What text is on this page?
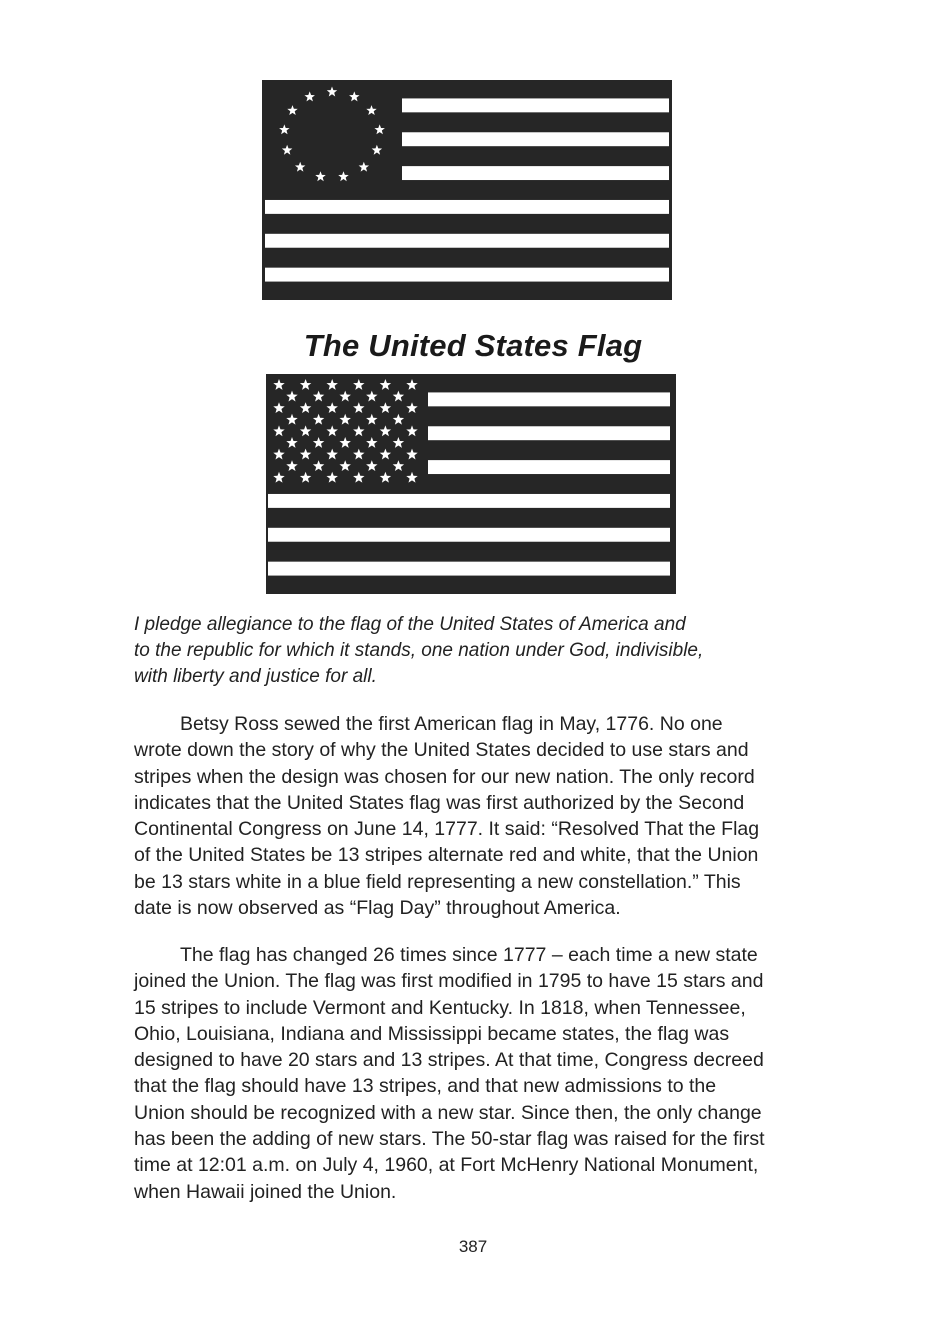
The United States Flag

I pledge allegiance to the flag of the United States of America and
to the republic for which it stands, one nation under God, indivisible,
with liberty and justice for all.

Betsy Ross sewed the first American flag in May, 1776. No one
wrote down the story of why the United States decided to use stars and
stripes when the design was chosen for our new nation. The only record
indicates that the United States flag was first authorized by the Second
Continental Congress on June 14, 1777. It said: “Resolved That the Flag
of the United States be 13 stripes alternate red and white, that the Union
be 13 stars white in a blue field representing a new constellation.” This
date is now observed as “Flag Day” throughout America.

The flag has changed 26 times since 1777 – each time a new state
joined the Union. The flag was first modified in 1795 to have 15 stars and
15 stripes to include Vermont and Kentucky. In 1818, when Tennessee,
Ohio, Louisiana, Indiana and Mississippi became states, the flag was
designed to have 20 stars and 13 stripes. At that time, Congress decreed
that the flag should have 13 stripes, and that new admissions to the
Union should be recognized with a new star. Since then, the only change
has been the adding of new stars. The 50-star flag was raised for the first
time at 12:01 a.m. on July 4, 1960, at Fort McHenry National Monument,
when Hawaii joined the Union.

387
